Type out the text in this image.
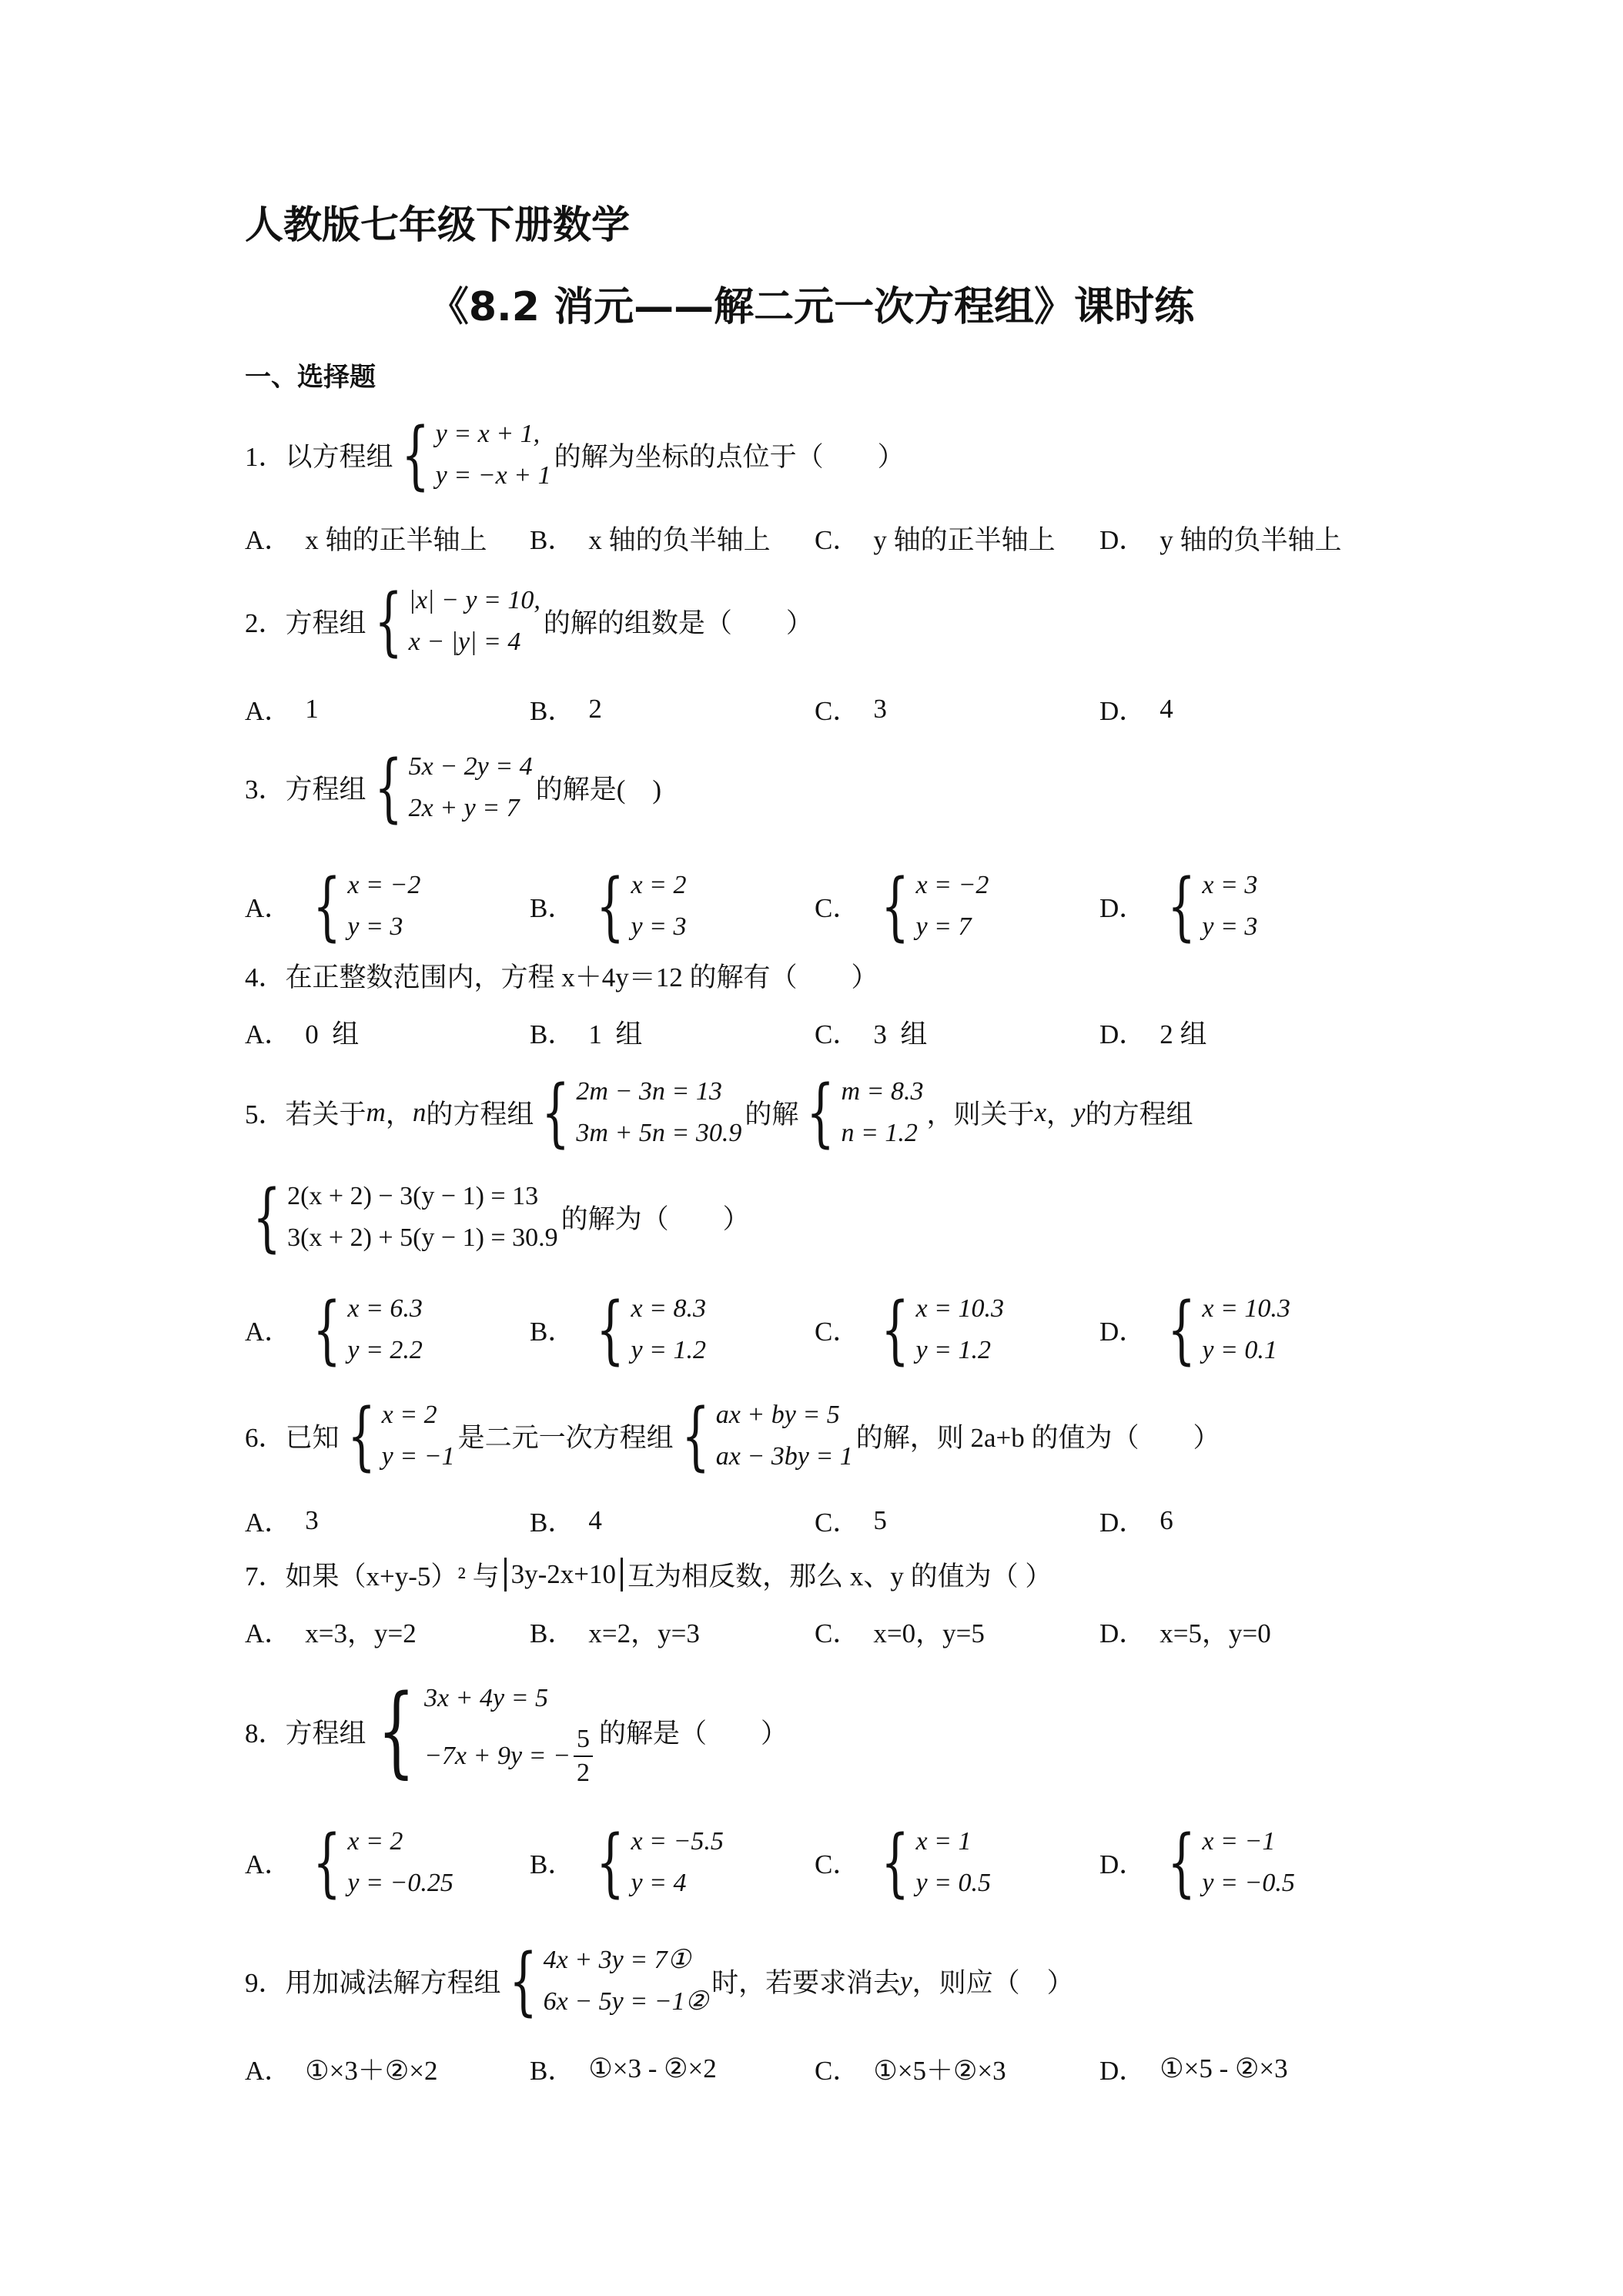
人教版七年级下册数学
《8.2 消元——解二元一次方程组》课时练
一、选择题
1． 以方程组 { y = x + 1,
y = −x + 1
的解为坐标的点位于（　　）
A． x 轴的正半轴上 B． x 轴的负半轴上 C． y 轴的正半轴上 D． y 轴的负半轴上
2． 方程组 { |x| − y = 10,
x − |y| = 4
的解的组数是（　　）
A． 1	B． 2	C． 3	D． 4
3． 方程组 { 5x − 2y = 4
2x + y = 7
的解是(　)
A． { x = −2
y = 3
B． { x = 2
y = 3
C． { x = −2
y = 7
D． { x = 3
y = 3
4． 在正整数范围内，方程 x＋4y＝12 的解有（　　）
A． 0  组	B． 1  组	C． 3  组	D． 2 组
5． 若关于 m ， n 的方程组 { 2m − 3n = 13
3m + 5n = 30.9
的解 { m = 8.3
n = 1.2
，则关于 x ， y 的方程组
{ 2(x + 2) − 3(y − 1) = 13
3(x + 2) + 5(y − 1) = 30.9
的解为（　　）
A． { x = 6.3
y = 2.2
B． { x = 8.3
y = 1.2
C． { x = 10.3
y = 1.2
D． { x = 10.3
y = 0.1
6． 已知 { x = 2
y = −1
是二元一次方程组 { ax + by = 5
ax − 3by = 1
的解，则 2a+b 的值为（　　）
A． 3	B． 4	C． 5	D． 6
7． 如果（x+y-5）² 与 3y-2x+10 互为相反数，那么 x、y 的值为（ ）
A． x=3，y=2	B． x=2，y=3	C． x=0，y=5	D． x=5，y=0
8． 方程组 { 3x + 4y = 5
−7x + 9y = − $\frac{5}{2}$ 的解是（　　）
A． { x = 2
y = −0.25
B． { x = −5.5
y = 4
C． { x = 1
y = 0.5
D． { x = −1
y = −0.5
9． 用加减法解方程组 { 4x + 3y = 7①
6x − 5y = −1②
时，若要求消去 y ，则应（　）
A． ①×3＋②×2	B． ①×3 - ②×2	C． ①×5＋②×3	D． ①×5 - ②×3
